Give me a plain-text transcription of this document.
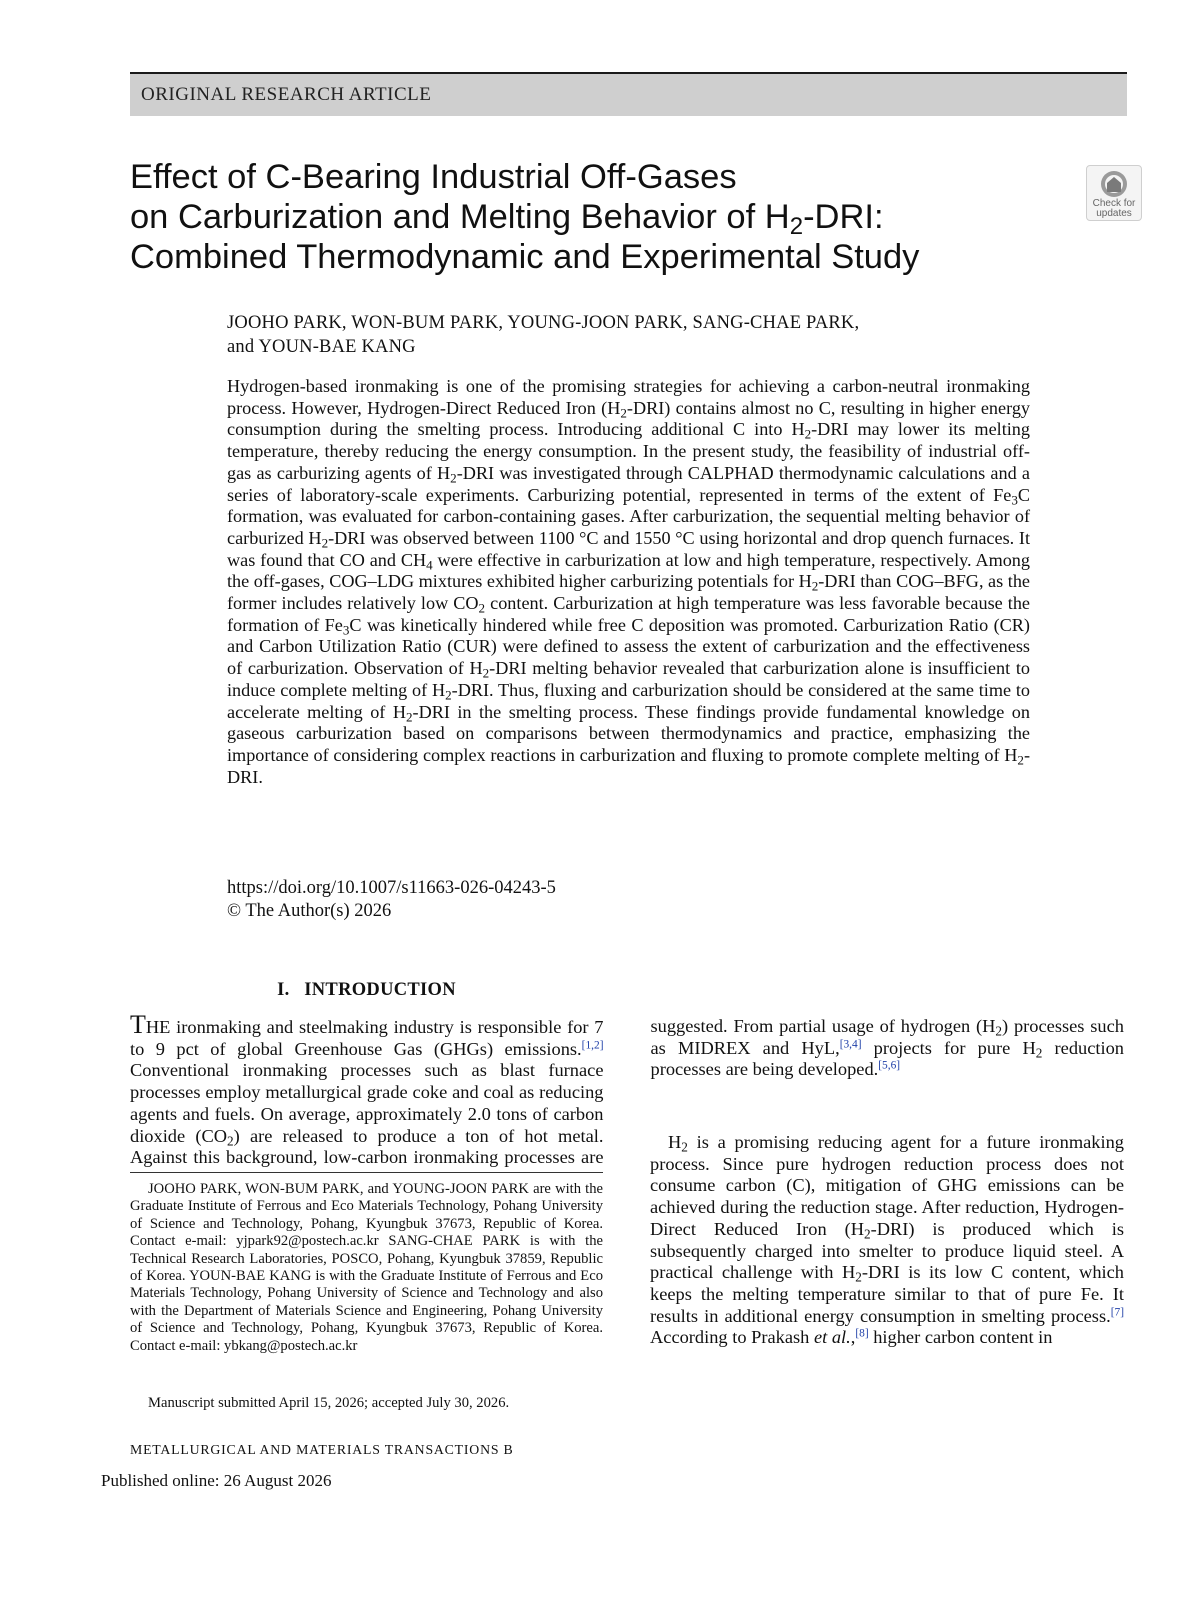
ORIGINAL RESEARCH ARTICLE
Effect of C-Bearing Industrial Off-Gases
on Carburization and Melting Behavior of $H_2$-DRI:
Combined Thermodynamic and Experimental Study
Check for
updates

JOOHO PARK, WON-BUM PARK, YOUNG-JOON PARK, SANG-CHAE PARK,
and YOUN-BAE KANG

Hydrogen-based ironmaking is one of the promising strategies for achieving a carbon-neutral ironmaking process. However, Hydrogen-Direct Reduced Iron $(H_2-DRI)$ contains almost no C, resulting in higher energy consumption during the smelting process. Introducing additional C into $H_2$-DRI may lower its melting temperature, thereby reducing the energy consumption. In the present study, the feasibility of industrial off-gas as carburizing agents of $H_2$-DRI was investigated through CALPHAD thermodynamic calculations and a series of laboratory-scale experiments. Carburizing potential, represented in terms of the extent of $Fe_3C$ formation, was evaluated for carbon-containing gases. After carburization, the sequential melting behavior of carburized $H_2$-DRI was observed between 1100 °C and 1550 °C using horizontal and drop quench furnaces. It was found that CO and $CH_4$ were effective in carburization at low and high temperature, respectively. Among the off-gases, COG–LDG mixtures exhibited higher carburizing potentials for $H_2$-DRI than COG–BFG, as the former includes relatively low $CO_2$ content. Carburization at high temperature was less favorable because the formation of $Fe_3C$ was kinetically hindered while free C deposition was promoted. Carburization Ratio (CR) and Carbon Utilization Ratio (CUR) were defined to assess the extent of carburization and the effectiveness of carburization. Observation of $H_2$-DRI melting behavior revealed that carburization alone is insufficient to induce complete melting of $H_2$-DRI. Thus, fluxing and carburization should be considered at the same time to accelerate melting of $H_2$-DRI in the smelting process. These findings provide fundamental knowledge on gaseous carburization based on comparisons between thermodynamics and practice, emphasizing the importance of considering complex reactions in carburization and fluxing to promote complete melting of $H_2$-DRI.

https://doi.org/10.1007/s11663-026-04243-5
© The Author(s) 2026
I.   INTRODUCTION

THE ironmaking and steelmaking industry is responsible for 7 to 9 pct of global Greenhouse Gas (GHGs) emissions.[1,2] Conventional ironmaking processes such as blast furnace processes employ metallurgical grade coke and coal as reducing agents and fuels. On average, approximately 2.0 tons of carbon dioxide $(CO_2)$ are released to produce a ton of hot metal. Against this background, low-carbon ironmaking processes are suggested. From partial usage of hydrogen $(H_2)$ processes such as MIDREX and HyL,[3,4] projects for pure $H_2$ reduction processes are being developed.[5,6]

$H_2$ is a promising reducing agent for a future ironmaking process. Since pure hydrogen reduction process does not consume carbon (C), mitigation of GHG emissions can be achieved during the reduction stage. After reduction, Hydrogen-Direct Reduced Iron $(H_2-DRI)$ is produced which is subsequently charged into smelter to produce liquid steel. A practical challenge with $H_2$-DRI is its low C content, which keeps the melting temperature similar to that of pure Fe. It results in additional energy consumption in smelting process.[7] According to Prakash et al.,[8] higher carbon content in

JOOHO PARK, WON-BUM PARK, and YOUNG-JOON PARK are with the Graduate Institute of Ferrous and Eco Materials Technology, Pohang University of Science and Technology, Pohang, Kyungbuk 37673, Republic of Korea. Contact e-mail: yjpark92@postech.ac.kr SANG-CHAE PARK is with the Technical Research Laboratories, POSCO, Pohang, Kyungbuk 37859, Republic of Korea. YOUN-BAE KANG is with the Graduate Institute of Ferrous and Eco Materials Technology, Pohang University of Science and Technology and also with the Department of Materials Science and Engineering, Pohang University of Science and Technology, Pohang, Kyungbuk 37673, Republic of Korea. Contact e-mail: ybkang@postech.ac.kr

Manuscript submitted April 15, 2026; accepted July 30, 2026.

METALLURGICAL AND MATERIALS TRANSACTIONS B
Published online: 26 August 2026
